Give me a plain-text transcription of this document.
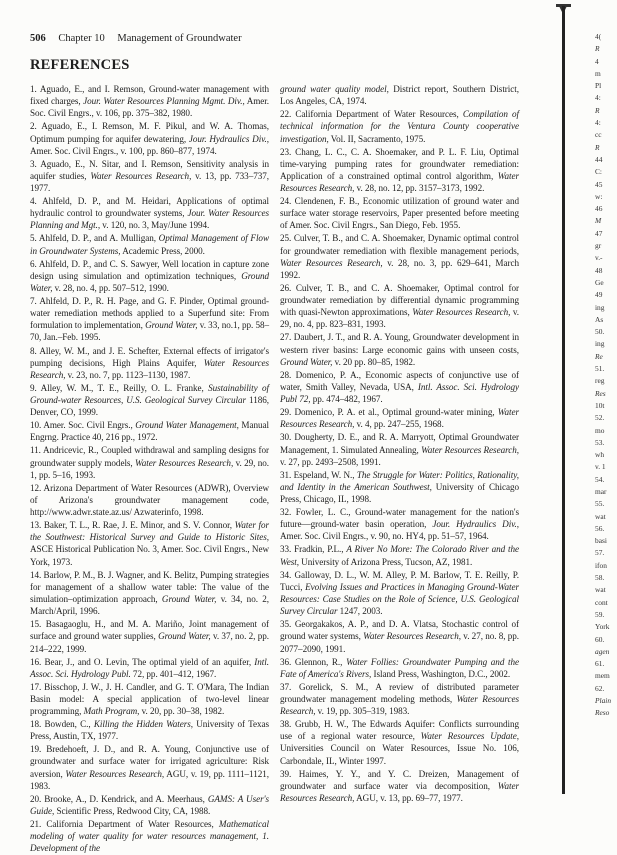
506 Chapter 10 Management of Groundwater
REFERENCES

1. Aguado, E., and I. Remson, Ground-water management with fixed charges, Jour. Water Resources Planning Mgmt. Div., Amer. Soc. Civil Engrs., v. 106, pp. 375–382, 1980.

2. Aguado, E., I. Remson, M. F. Pikul, and W. A. Thomas, Optimum pumping for aquifer dewatering, Jour. Hydraulics Div., Amer. Soc. Civil Engrs., v. 100, pp. 860–877, 1974.

3. Aguado, E., N. Sitar, and I. Remson, Sensitivity analysis in aquifer studies, Water Resources Research, v. 13, pp. 733–737, 1977.

4. Ahlfeld, D. P., and M. Heidari, Applications of optimal hydraulic control to groundwater systems, Jour. Water Resources Planning and Mgt., v. 120, no. 3, May/June 1994.

5. Ahlfeld, D. P., and A. Mulligan, Optimal Management of Flow in Groundwater Systems, Academic Press, 2000.

6. Ahlfeld, D. P., and C. S. Sawyer, Well location in capture zone design using simulation and optimization techniques, Ground Water, v. 28, no. 4, pp. 507–512, 1990.

7. Ahlfeld, D. P., R. H. Page, and G. F. Pinder, Optimal ground-water remediation methods applied to a Superfund site: From formulation to implementation, Ground Water, v. 33, no.1, pp. 58–70, Jan.–Feb. 1995.

8. Alley, W. M., and J. E. Schefter, External effects of irrigator's pumping decisions, High Plains Aquifer, Water Resources Research, v. 23, no. 7, pp. 1123–1130, 1987.

9. Alley, W. M., T. E., Reilly, O. L. Franke, Sustainability of Ground-water Resources, U.S. Geological Survey Circular 1186, Denver, CO, 1999.

10. Amer. Soc. Civil Engrs., Ground Water Management, Manual Engrng. Practice 40, 216 pp., 1972.

11. Andricevic, R., Coupled withdrawal and sampling designs for groundwater supply models, Water Resources Research, v. 29, no. 1, pp. 5–16, 1993.

12. Arizona Department of Water Resources (ADWR), Overview of Arizona's groundwater management code, http://www.adwr.state.az.us/ Azwaterinfo, 1998.

13. Baker, T. L., R. Rae, J. E. Minor, and S. V. Connor, Water for the Southwest: Historical Survey and Guide to Historic Sites, ASCE Historical Publication No. 3, Amer. Soc. Civil Engrs., New York, 1973.

14. Barlow, P. M., B. J. Wagner, and K. Belitz, Pumping strategies for management of a shallow water table: The value of the simulation–optimization approach, Ground Water, v. 34, no. 2, March/April, 1996.

15. Basagaoglu, H., and M. A. Mariño, Joint management of surface and ground water supplies, Ground Water, v. 37, no. 2, pp. 214–222, 1999.

16. Bear, J., and O. Levin, The optimal yield of an aquifer, Intl. Assoc. Sci. Hydrology Publ. 72, pp. 401–412, 1967.

17. Bisschop, J. W., J. H. Candler, and G. T. O'Mara, The Indian Basin model: A special application of two-level linear programming, Math Program, v. 20, pp. 30–38, 1982.

18. Bowden, C., Killing the Hidden Waters, University of Texas Press, Austin, TX, 1977.

19. Bredehoeft, J. D., and R. A. Young, Conjunctive use of groundwater and surface water for irrigated agriculture: Risk aversion, Water Resources Research, AGU, v. 19, pp. 1111–1121, 1983.

20. Brooke, A., D. Kendrick, and A. Meerhaus, GAMS: A User's Guide, Scientific Press, Redwood City, CA, 1988.

21. California Department of Water Resources, Mathematical modeling of water quality for water resources management, 1. Development of the

ground water quality model, District report, Southern District, Los Angeles, CA, 1974.

22. California Department of Water Resources, Compilation of technical information for the Ventura County cooperative investigation, Vol. II, Sacramento, 1975.

23. Chang, L. C., C. A. Shoemaker, and P. L. F. Liu, Optimal time-varying pumping rates for groundwater remediation: Application of a constrained optimal control algorithm, Water Resources Research, v. 28, no. 12, pp. 3157–3173, 1992.

24. Clendenen, F. B., Economic utilization of ground water and surface water storage reservoirs, Paper presented before meeting of Amer. Soc. Civil Engrs., San Diego, Feb. 1955.

25. Culver, T. B., and C. A. Shoemaker, Dynamic optimal control for groundwater remediation with flexible management periods, Water Resources Research, v. 28, no. 3, pp. 629–641, March 1992.

26. Culver, T. B., and C. A. Shoemaker, Optimal control for groundwater remediation by differential dynamic programming with quasi-Newton approximations, Water Resources Research, v. 29, no. 4, pp. 823–831, 1993.

27. Daubert, J. T., and R. A. Young, Groundwater development in western river basins: Large economic gains with unseen costs, Ground Water, v. 20 pp. 80–85, 1982.

28. Domenico, P. A., Economic aspects of conjunctive use of water, Smith Valley, Nevada, USA, Intl. Assoc. Sci. Hydrology Publ 72, pp. 474–482, 1967.

29. Domenico, P. A. et al., Optimal ground-water mining, Water Resources Research, v. 4, pp. 247–255, 1968.

30. Dougherty, D. E., and R. A. Marryott, Optimal Groundwater Management, 1. Simulated Annealing, Water Resources Research, v. 27, pp. 2493–2508, 1991.

31. Espeland, W. N., The Struggle for Water: Politics, Rationality, and Identity in the American Southwest, University of Chicago Press, Chicago, IL, 1998.

32. Fowler, L. C., Ground-water management for the nation's future—ground-water basin operation, Jour. Hydraulics Div., Amer. Soc. Civil Engrs., v. 90, no. HY4, pp. 51–57, 1964.

33. Fradkin, P.L., A River No More: The Colorado River and the West, University of Arizona Press, Tucson, AZ, 1981.

34. Galloway, D. L., W. M. Alley, P. M. Barlow, T. E. Reilly, P. Tucci, Evolving Issues and Practices in Managing Ground-Water Resources: Case Studies on the Role of Science, U.S. Geological Survey Circular 1247, 2003.

35. Georgakakos, A. P., and D. A. Vlatsa, Stochastic control of ground water systems, Water Resources Research, v. 27, no. 8, pp. 2077–2090, 1991.

36. Glennon, R., Water Follies: Groundwater Pumping and the Fate of America's Rivers, Island Press, Washington, D.C., 2002.

37. Gorelick, S. M., A review of distributed parameter groundwater management modeling methods, Water Resources Research, v. 19, pp. 305–319, 1983.

38. Grubb, H. W., The Edwards Aquifer: Conflicts surrounding use of a regional water resource, Water Resources Update, Universities Council on Water Resources, Issue No. 106, Carbondale, IL, Winter 1997.

39. Haimes, Y. Y., and Y. C. Dreizen, Management of groundwater and surface water via decomposition, Water Resources Research, AGU, v. 13, pp. 69–77, 1977.

4(
R
4
m
Pl
4:
R
4:
cc
R
44
C:
45
w:
46
M
47
gr
v.-
48
Ge
49
ing
As
50.
ing
Re
51.
reg
Res
10t
52.
mo
53.
wh
v. 1
54.
mar
55.
wat
56.
basi
57.
ifon
58.
wat
cont
59.
York
60.
agen
61.
mem
62.
Plain
Reso
